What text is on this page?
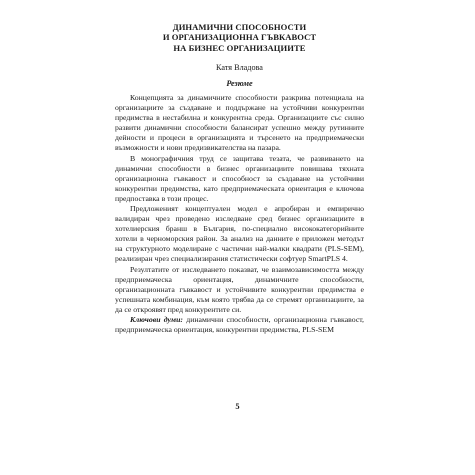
ДИНАМИЧНИ СПОСОБНОСТИ
И ОРГАНИЗАЦИОННА ГЪВКАВОСТ
НА БИЗНЕС ОРГАНИЗАЦИИТЕ
Катя Владова
Резюме

Концепцията за динамичните способности разкрива потенциала на организациите за създаване и поддържане на устойчиви конкурентни предимства в нестабилна и конкурентна среда. Организациите със силно развити динамични способности балансират успешно между рутинните дейности и процеси в организацията и търсенето на предприемачески възможности и нови предизвикателства на пазара.

В монографичния труд се защитава тезата, че развиването на динамични способности в бизнес организациите повишава тяхната организационна гъвкавост и способност за създаване на устойчиви конкурентни предимства, като предприемаческата ориентация е ключова предпоставка в този процес.

Предложеният концептуален модел е апробиран и емпирично валидиран чрез проведено изследване сред бизнес организациите в хотелиерския бранш в България, по-специално висококатегорийните хотели в черноморския район. За анализ на данните е приложен методът на структурното моделиране с частични най-малки квадрати (PLS-SEM), реализиран чрез специализирания статистически софтуер SmartPLS 4.

Резултатите от изследването показват, че взаимозависимостта между предприемаческа ориентация, динамичните способности, организационната гъвкавост и устойчивите конкурентни предимства е успешната комбинация, към която трябва да се стремят организациите, за да се откроявят пред конкурентите си.

Ключови думи: динамични способности, организационна гъвкавост, предприемаческа ориентация, конкурентни предимства, PLS-SEM

5
